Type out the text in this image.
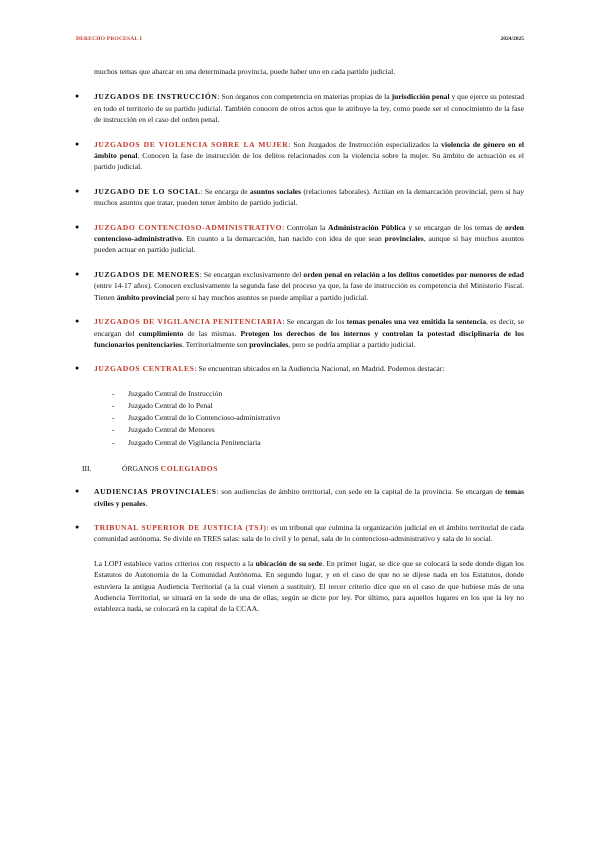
DERECHO PROCESAL I	2024/2025

muchos temas que abarcar en una determinada provincia, puede haber uno en cada partido judicial.

● JUZGADOS DE INSTRUCCIÓN: Son órganos con competencia en materias propias de la jurisdicción penal y que ejerce su potestad en todo el territorio de su partido judicial. También conocen de otros actos que le atribuye la ley, como puede ser el conocimiento de la fase de instrucción en el caso del orden penal.

● JUZGADOS DE VIOLENCIA SOBRE LA MUJER: Son Juzgados de Instrucción especializados la violencia de género en el ámbito penal. Conocen la fase de instrucción de los delitos relacionados con la violencia sobre la mujer. Su ámbito de actuación es el partido judicial.

● JUZGADO DE LO SOCIAL: Se encarga de asuntos sociales (relaciones laborales). Actúan en la demarcación provincial, pero si hay muchos asuntos que tratar, pueden tener ámbito de partido judicial.

● JUZGADO CONTENCIOSO-ADMINISTRATIVO: Controlan la Administración Pública y se encargan de los temas de orden contencioso-administrativo. En cuanto a la demarcación, han nacido con idea de que sean provinciales, aunque si hay muchos asuntos pueden actuar en partido judicial.

● JUZGADOS DE MENORES: Se encargan exclusivamente del orden penal en relación a los delitos cometidos por menores de edad (entre 14-17 años). Conocen exclusivamente la segunda fase del proceso ya que, la fase de instrucción es competencia del Ministerio Fiscal. Tienen ámbito provincial pero si hay muchos asuntos se puede ampliar a partido judicial.

● JUZGADOS DE VIGILANCIA PENITENCIARIA: Se encargan de los temas penales una vez emitida la sentencia, es decir, se encargan del cumplimiento de las mismas. Protegen los derechos de los internos y controlan la potestad disciplinaria de los funcionarios penitenciarios. Territorialmente son provinciales, pero se podría ampliar a partido judicial.

● JUZGADOS CENTRALES: Se encuentran ubicados en la Audiencia Nacional, en Madrid. Podemos destacar:

-	Juzgado Central de Instrucción
-	Juzgado Central de lo Penal
-	Juzgado Central de lo Contencioso-administrativo
-	Juzgado Central de Menores
-	Juzgado Central de Vigilancia Penitenciaria
III.	ÓRGANOS COLEGIADOS
● AUDIENCIAS PROVINCIALES: son audiencias de ámbito territorial, con sede en la capital de la provincia. Se encargan de temas civiles y penales.

● TRIBUNAL SUPERIOR DE JUSTICIA (TSJ): es un tribunal que culmina la organización judicial en el ámbito territorial de cada comunidad autónoma. Se divide en TRES salas: sala de lo civil y lo penal, sala de lo contencioso-administrativo y sala de lo social.

La LOPJ establece varios criterios con respecto a la ubicación de su sede. En primer lugar, se dice que se colocará la sede donde digan los Estatutos de Autonomía de la Comunidad Autónoma. En segundo lugar, y en el caso de que no se dijese nada en los Estatutos, donde estuviera la antigua Audiencia Territorial (a la cual vienen a sustituir). El tercer criterio dice que en el caso de que hubiese más de una Audiencia Territorial, se situará en la sede de una de ellas, según se dicte por ley. Por último, para aquellos lugares en los que la ley no establezca nada, se colocará en la capital de la CCAA.
